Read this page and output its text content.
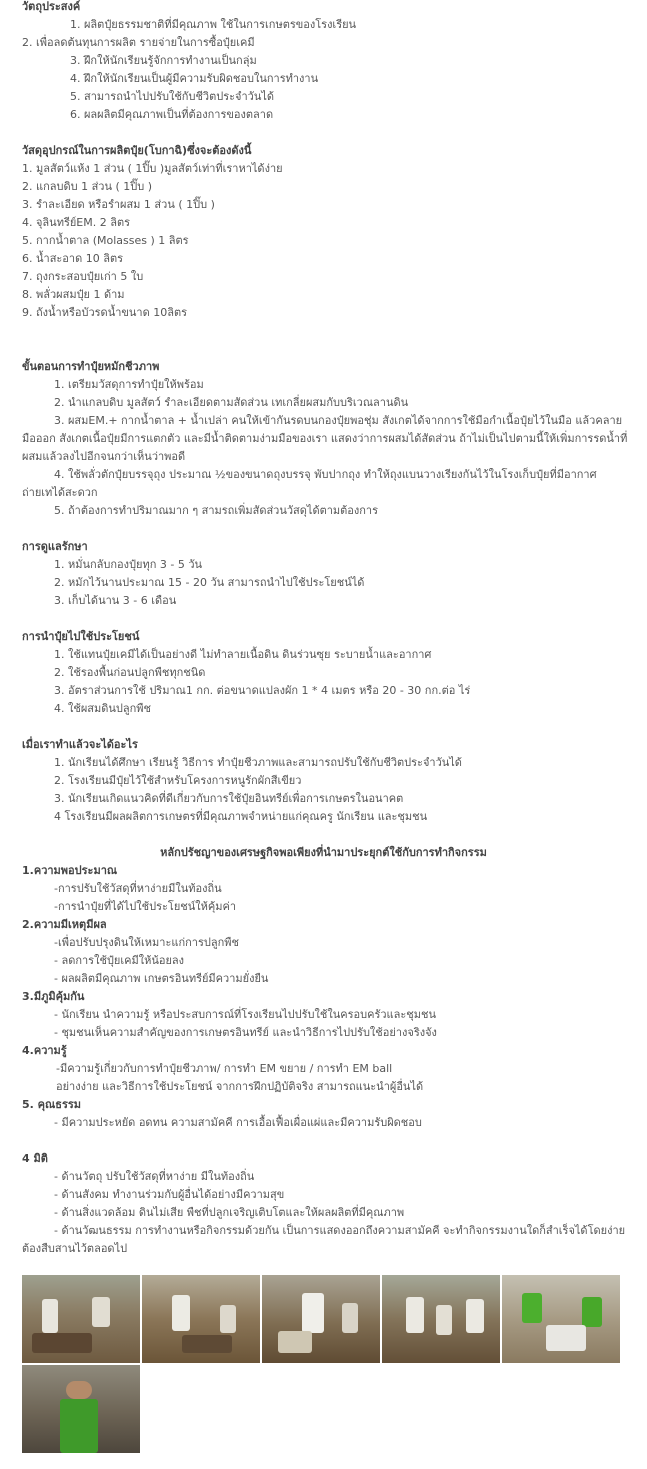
วัตถุประสงค์
1. ผลิตปุ๋ยธรรมชาติที่มีคุณภาพ ใช้ในการเกษตรของโรงเรียน
2. เพื่อลดต้นทุนการผลิต รายจ่ายในการซื้อปุ๋ยเคมี
3. ฝึกให้นักเรียนรู้จักการทำงานเป็นกลุ่ม
4. ฝึกให้นักเรียนเป็นผู้มีความรับผิดชอบในการทำงาน
5. สามารถนำไปปรับใช้กับชีวิตประจำวันได้
6. ผลผลิตมีคุณภาพเป็นที่ต้องการของตลาด
วัสดุอุปกรณ์ในการผลิตปุ๋ย(โบกาฉิ)ซึ่งจะต้องดังนี้
1. มูลสัตว์แห้ง 1 ส่วน ( 1ปิ๊บ )มูลสัตว์เท่าที่เราหาได้ง่าย
2. แกลบดิบ 1 ส่วน ( 1ปิ๊บ )
3. รำละเอียด หรือรำผสม 1 ส่วน ( 1ปิ๊บ )
4. จุลินทรีย์EM. 2 ลิตร
5. กากน้ำตาล (Molasses ) 1 ลิตร
6. น้ำสะอาด 10 ลิตร
7. ถุงกระสอบปุ๋ยเก่า 5 ใบ
8. พลั่วผสมปุ๋ย 1 ด้าม
9. ถังน้ำหรือบัวรดน้ำขนาด 10ลิตร
ขั้นตอนการทำปุ๋ยหมักชีวภาพ
1. เตรียมวัสดุการทำปุ๋ยให้พร้อม
2. นำแกลบดิบ มูลสัตว์ รำละเอียดตามสัดส่วน เทเกลี่ยผสมกับบริเวณลานดิน
3. ผสมEM.+ กากน้ำตาล + น้ำเปล่า คนให้เข้ากันรดบนกองปุ๋ยพอชุ่ม สังเกตได้จากการใช้มือกำเนื้อปุ๋ยไว้ในมือ แล้วคลาย
มือออก สังเกตเนื้อปุ๋ยมีการแตกตัว และมีน้ำติดตามง่ามมือของเรา แสดงว่าการผสมได้สัดส่วน ถ้าไม่เป็นไปตามนี้ให้เพิ่มการรดน้ำที่
ผสมแล้วลงไปอีกจนกว่าเห็นว่าพอดี
4. ใช้พลั่วตักปุ๋ยบรรจุถุง ประมาณ ½ของขนาดถุงบรรจุ พับปากถุง ทำให้ถุงแบนวางเรียงกันไว้ในโรงเก็บปุ๋ยที่มีอากาศ
ถ่ายเทได้สะดวก
5. ถ้าต้องการทำปริมาณมาก ๆ สามรถเพิ่มสัดส่วนวัสดุได้ตามต้องการ
การดูแลรักษา
1. หมั่นกลับกองปุ๋ยทุก 3 - 5 วัน
2. หมักไว้นานประมาณ 15 - 20 วัน สามารถนำไปใช้ประโยชน์ได้
3. เก็บได้นาน 3 - 6 เดือน
การนำปุ๋ยไปใช้ประโยชน์
1. ใช้แทนปุ๋ยเคมีได้เป็นอย่างดี ไม่ทำลายเนื้อดิน ดินร่วนซุย ระบายน้ำและอากาศ
2. ใช้รองพื้นก่อนปลูกพืชทุกชนิด
3. อัตราส่วนการใช้ ปริมาณ1 กก. ต่อขนาดแปลงผัก 1 * 4 เมตร หรือ 20 - 30 กก.ต่อ ไร่
4. ใช้ผสมดินปลูกพืช
เมื่อเราทำแล้วจะได้อะไร
1. นักเรียนได้ศึกษา เรียนรู้ วิธีการ ทำปุ๋ยชีวภาพและสามารถปรับใช้กับชีวิตประจำวันได้
2. โรงเรียนมีปุ๋ยไว้ใช้สำหรับโครงการหนูรักผักสีเขียว
3. นักเรียนเกิดแนวคิดที่ดีเกี่ยวกับการใช้ปุ๋ยอินทรีย์เพื่อการเกษตรในอนาคต
4 โรงเรียนมีผลผลิตการเกษตรที่มีคุณภาพจำหน่ายแก่คุณครู นักเรียน และชุมชน
หลักปรัชญาของเศรษฐกิจพอเพียงที่นำมาประยุกต์ใช้กับการทำกิจกรรม
1.ความพอประมาณ
-การปรับใช้วัสดุที่หาง่ายมีในท้องถิ่น
-การนำปุ๋ยที่ได้ไปใช้ประโยชน์ให้คุ้มค่า
2.ความมีเหตุมีผล
-เพื่อปรับปรุงดินให้เหมาะแก่การปลูกพืช
- ลดการใช้ปุ๋ยเคมีให้น้อยลง
- ผลผลิตมีคุณภาพ เกษตรอินทรีย์มีความยั่งยืน
3.มีภูมิคุ้มกัน
- นักเรียน นำความรู้ หรือประสบการณ์ที่โรงเรียนไปปรับใช้ในครอบครัวและชุมชน
- ชุมชนเห็นความสำคัญของการเกษตรอินทรีย์ และนำวิธีการไปปรับใช้อย่างจริงจัง
4.ความรู้
-มีความรู้เกี่ยวกับการทำปุ๋ยชีวภาพ/ การทำ EM ขยาย / การทำ EM ball
อย่างง่าย และวิธีการใช้ประโยชน์ จากการฝึกปฏิบัติจริง สามารถแนะนำผู้อื่นได้
5. คุณธรรม
- มีความประหยัด อดทน ความสามัคคี การเอื้อเฟื้อเผื่อแผ่และมีความรับผิดชอบ
4 มิติ
- ด้านวัตถุ ปรับใช้วัสดุที่หาง่าย มีในท้องถิ่น
- ด้านสังคม ทำงานร่วมกับผู้อื่นได้อย่างมีความสุข
- ด้านสิ่งแวดล้อม ดินไม่เสีย พืชที่ปลูกเจริญเติบโตและให้ผลผลิตที่มีคุณภาพ
- ด้านวัฒนธรรม การทำงานหรือกิจกรรมด้วยกัน เป็นการแสดงออกถึงความสามัคคี จะทำกิจกรรมงานใดก็สำเร็จได้โดยง่าย
ต้องสืบสานไว้ตลอดไป
